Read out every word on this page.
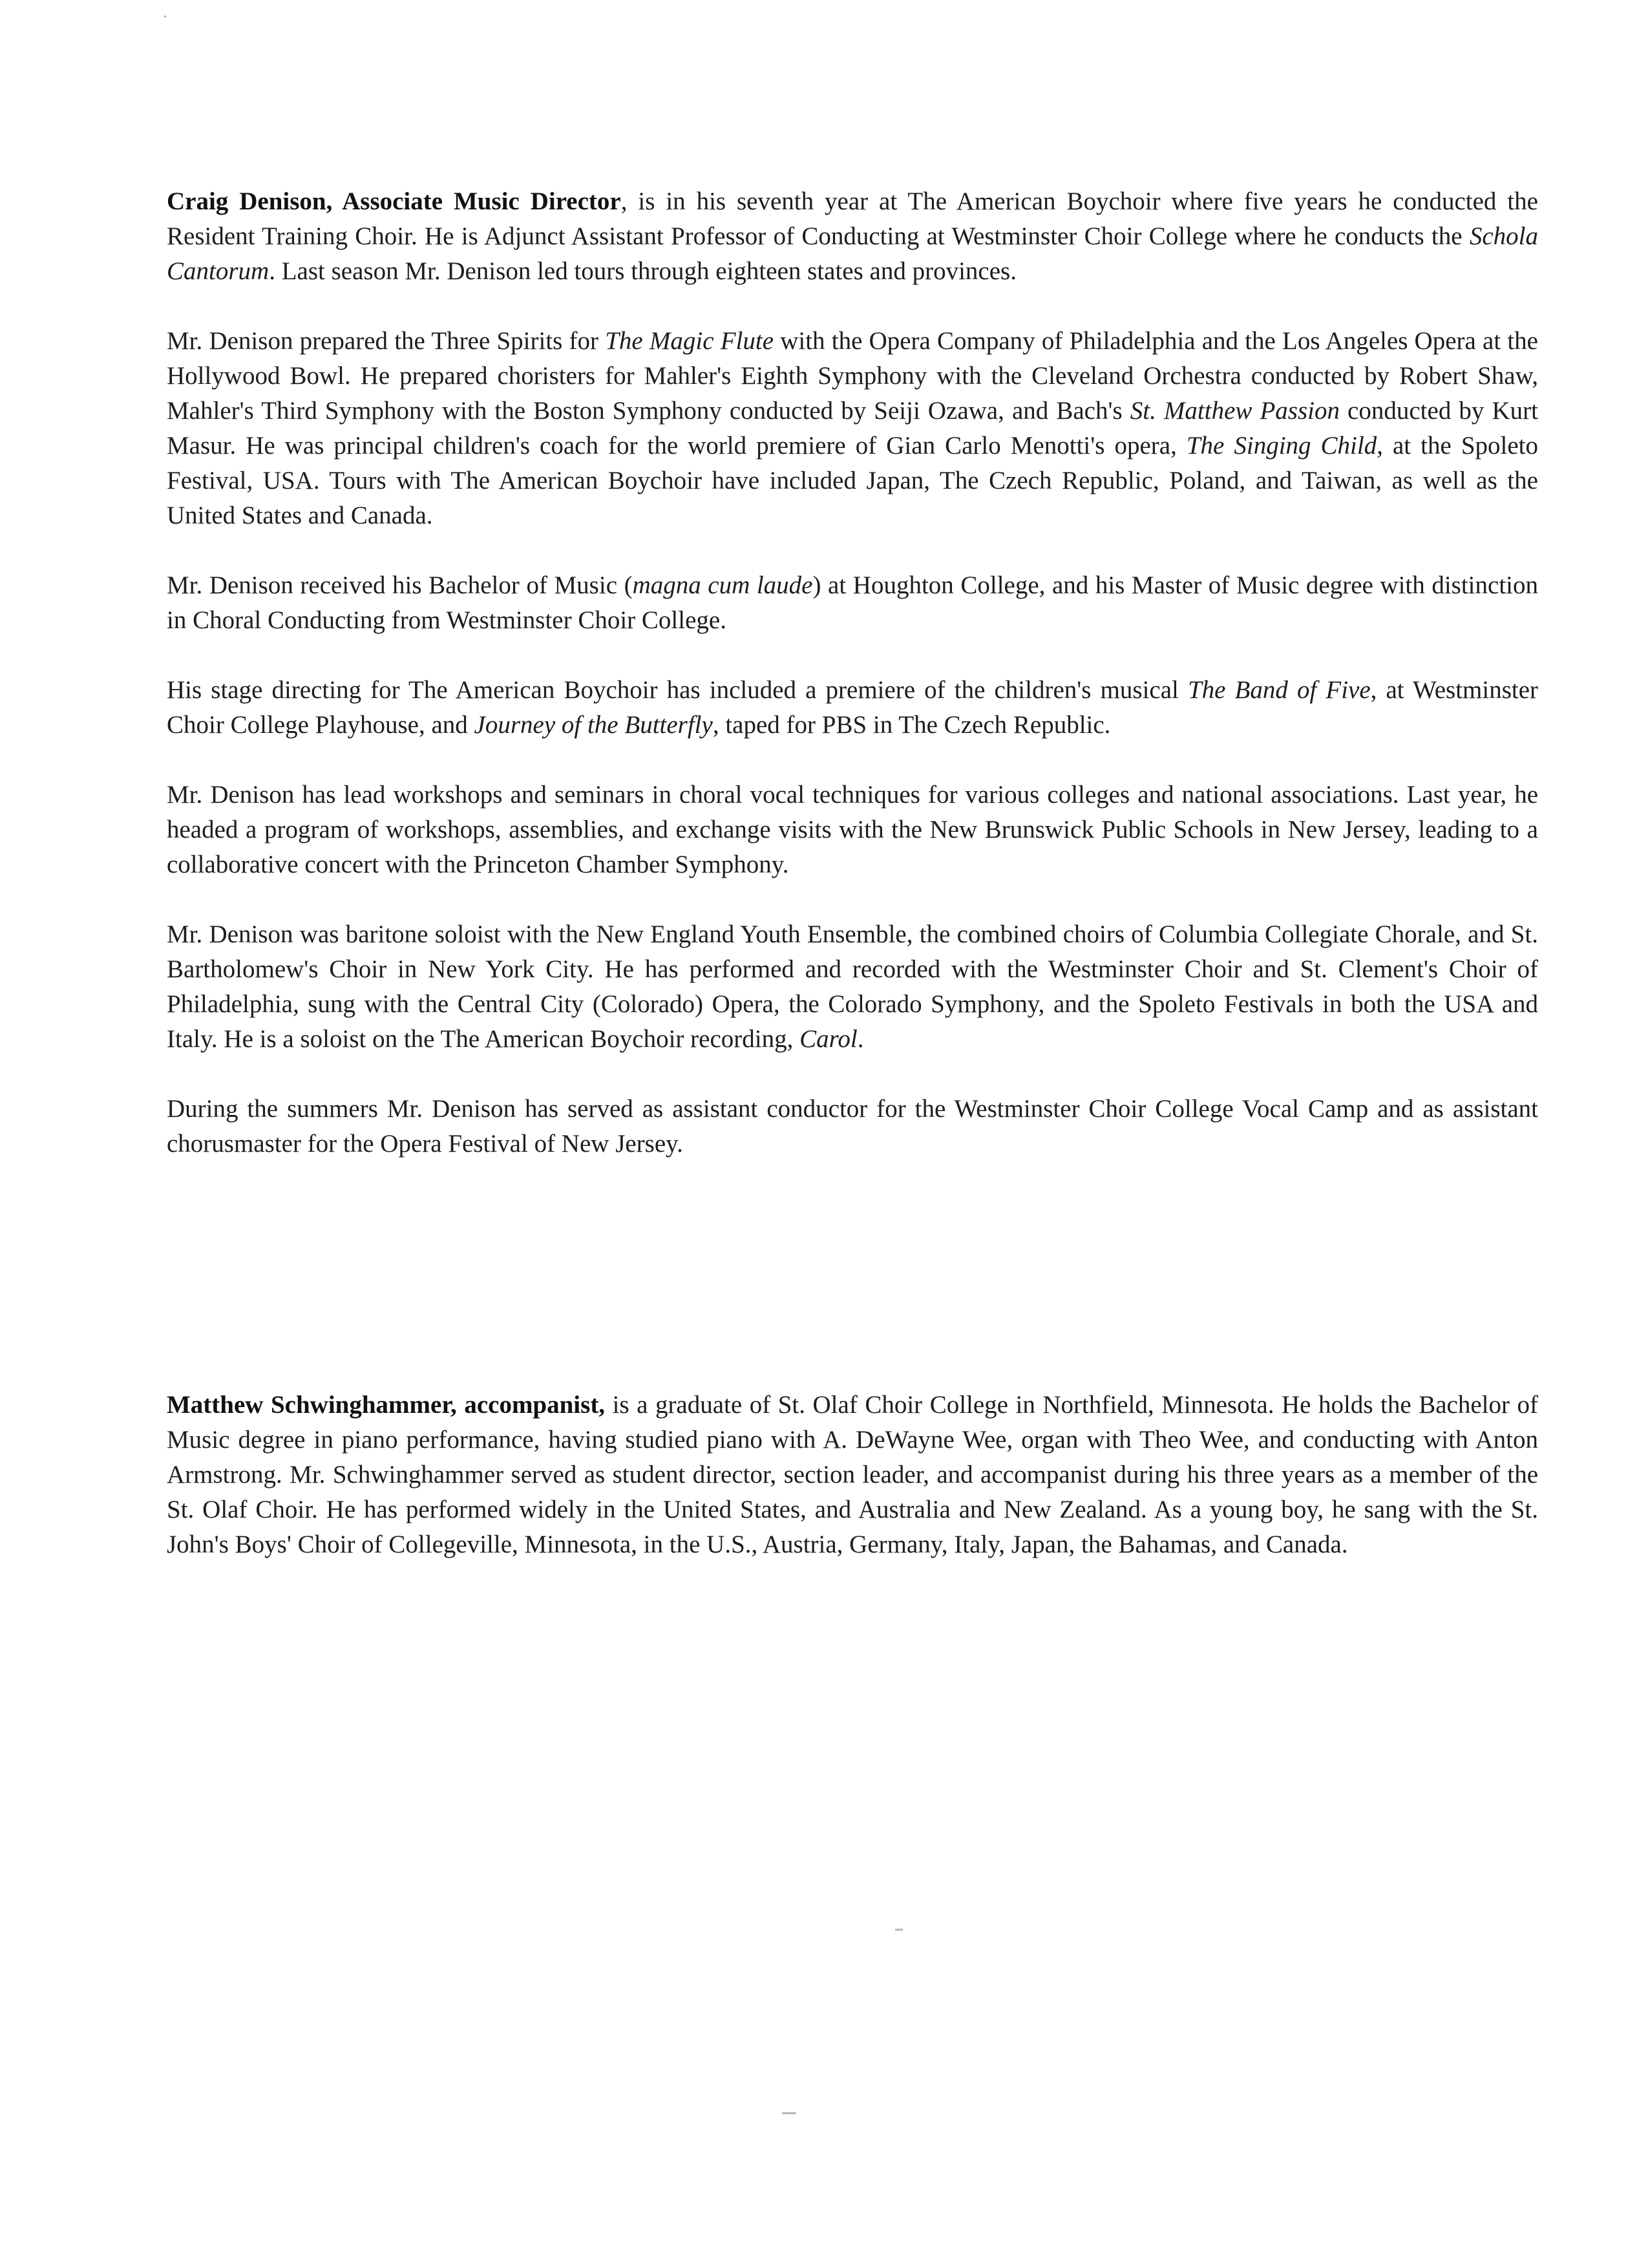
Craig Denison, Associate Music Director, is in his seventh year at The American Boychoir where five years he conducted the Resident Training Choir. He is Adjunct Assistant Professor of Conducting at Westminster Choir College where he conducts the Schola Cantorum. Last season Mr. Denison led tours through eighteen states and provinces.

Mr. Denison prepared the Three Spirits for The Magic Flute with the Opera Company of Philadelphia and the Los Angeles Opera at the Hollywood Bowl. He prepared choristers for Mahler's Eighth Symphony with the Cleveland Orchestra conducted by Robert Shaw, Mahler's Third Symphony with the Boston Symphony conducted by Seiji Ozawa, and Bach's St. Matthew Passion conducted by Kurt Masur. He was principal children's coach for the world premiere of Gian Carlo Menotti's opera, The Singing Child, at the Spoleto Festival, USA. Tours with The American Boychoir have included Japan, The Czech Republic, Poland, and Taiwan, as well as the United States and Canada.

Mr. Denison received his Bachelor of Music (magna cum laude) at Houghton College, and his Master of Music degree with distinction in Choral Conducting from Westminster Choir College.

His stage directing for The American Boychoir has included a premiere of the children's musical The Band of Five, at Westminster Choir College Playhouse, and Journey of the Butterfly, taped for PBS in The Czech Republic.

Mr. Denison has lead workshops and seminars in choral vocal techniques for various colleges and national associations. Last year, he headed a program of workshops, assemblies, and exchange visits with the New Brunswick Public Schools in New Jersey, leading to a collaborative concert with the Princeton Chamber Symphony.

Mr. Denison was baritone soloist with the New England Youth Ensemble, the combined choirs of Columbia Collegiate Chorale, and St. Bartholomew's Choir in New York City. He has performed and recorded with the Westminster Choir and St. Clement's Choir of Philadelphia, sung with the Central City (Colorado) Opera, the Colorado Symphony, and the Spoleto Festivals in both the USA and Italy. He is a soloist on the The American Boychoir recording, Carol.

During the summers Mr. Denison has served as assistant conductor for the Westminster Choir College Vocal Camp and as assistant chorusmaster for the Opera Festival of New Jersey.

Matthew Schwinghammer, accompanist, is a graduate of St. Olaf Choir College in Northfield, Minnesota. He holds the Bachelor of Music degree in piano performance, having studied piano with A. DeWayne Wee, organ with Theo Wee, and conducting with Anton Armstrong. Mr. Schwinghammer served as student director, section leader, and accompanist during his three years as a member of the St. Olaf Choir. He has performed widely in the United States, and Australia and New Zealand. As a young boy, he sang with the St. John's Boys' Choir of Collegeville, Minnesota, in the U.S., Austria, Germany, Italy, Japan, the Bahamas, and Canada.
